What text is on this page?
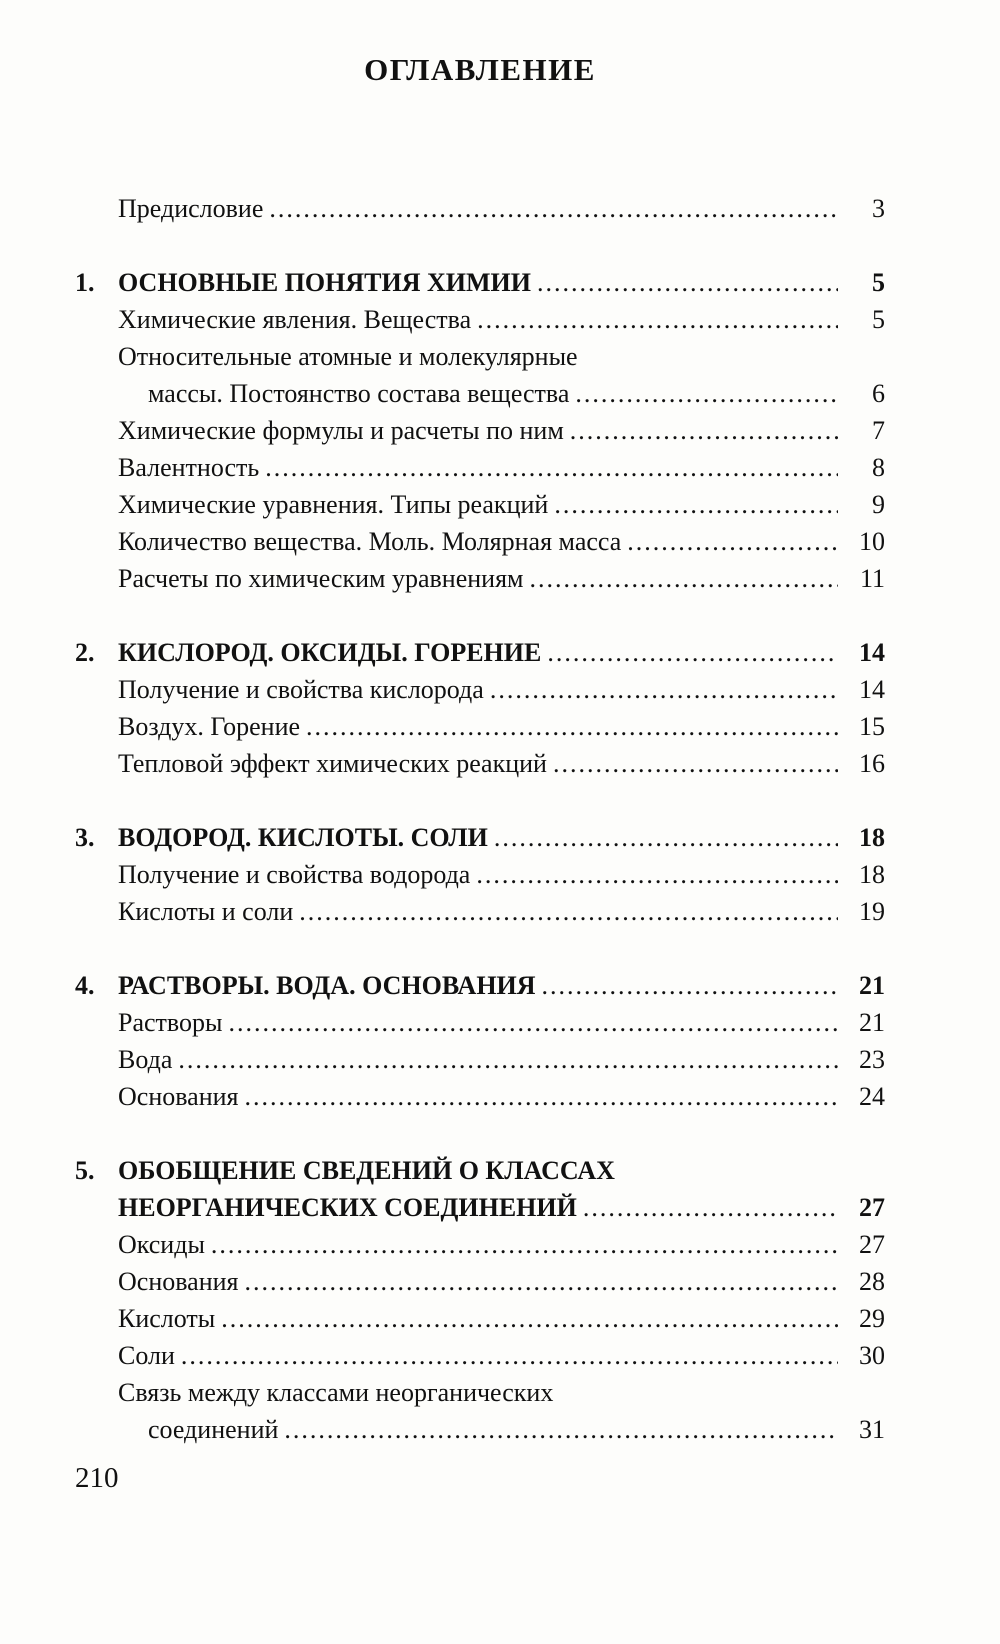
ОГЛАВЛЕНИЕ
Предисловие .....	3
1. ОСНОВНЫЕ ПОНЯТИЯ ХИМИИ .....	5
Химические явления. Вещества .....	5
Относительные атомные и молекулярные
массы. Постоянство состава вещества .....	6
Химические формулы и расчеты по ним .....	7
Валентность .....	8
Химические уравнения. Типы реакций .....	9
Количество вещества. Моль. Молярная масса .....	10
Расчеты по химическим уравнениям .....	11
2. КИСЛОРОД. ОКСИДЫ. ГОРЕНИЕ .....	14
Получение и свойства кислорода .....	14
Воздух. Горение .....	15
Тепловой эффект химических реакций .....	16
3. ВОДОРОД. КИСЛОТЫ. СОЛИ .....	18
Получение и свойства водорода .....	18
Кислоты и соли .....	19
4. РАСТВОРЫ. ВОДА. ОСНОВАНИЯ .....	21
Растворы .....	21
Вода .....	23
Основания .....	24
5. ОБОБЩЕНИЕ СВЕДЕНИЙ О КЛАССАХ
НЕОРГАНИЧЕСКИХ СОЕДИНЕНИЙ .....	27
Оксиды .....	27
Основания .....	28
Кислоты .....	29
Соли .....	30
Связь между классами неорганических
соединений .....	31
210
